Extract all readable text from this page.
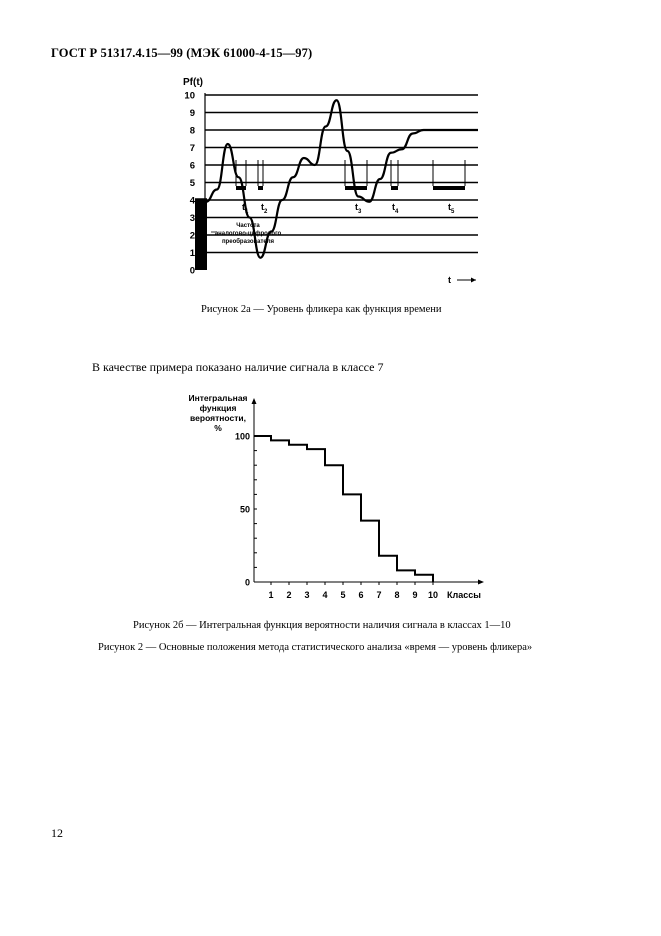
ГОСТ Р 51317.4.15—99 (МЭК 61000-4-15—97)
0
1
2
3
4
5
6
7
8
9
10
Pf(t)
t
Частота
аналогово-цифрового
преобразователя
$t_1$ $t_2$	$t_3$	$t_4$	$t_5$
Рисунок 2а — Уровень фликера как функция времени
В качестве примера показано наличие сигнала в классе 7
0
50
100
1 2 3 4 5 6 7 8 9 10 Классы
Интегральная
функция
вероятности,
%
Рисунок 2б — Интегральная функция вероятности наличия сигнала в классах 1—10
Рисунок 2 — Основные положения метода статистического анализа «время — уровень фликера»
12
